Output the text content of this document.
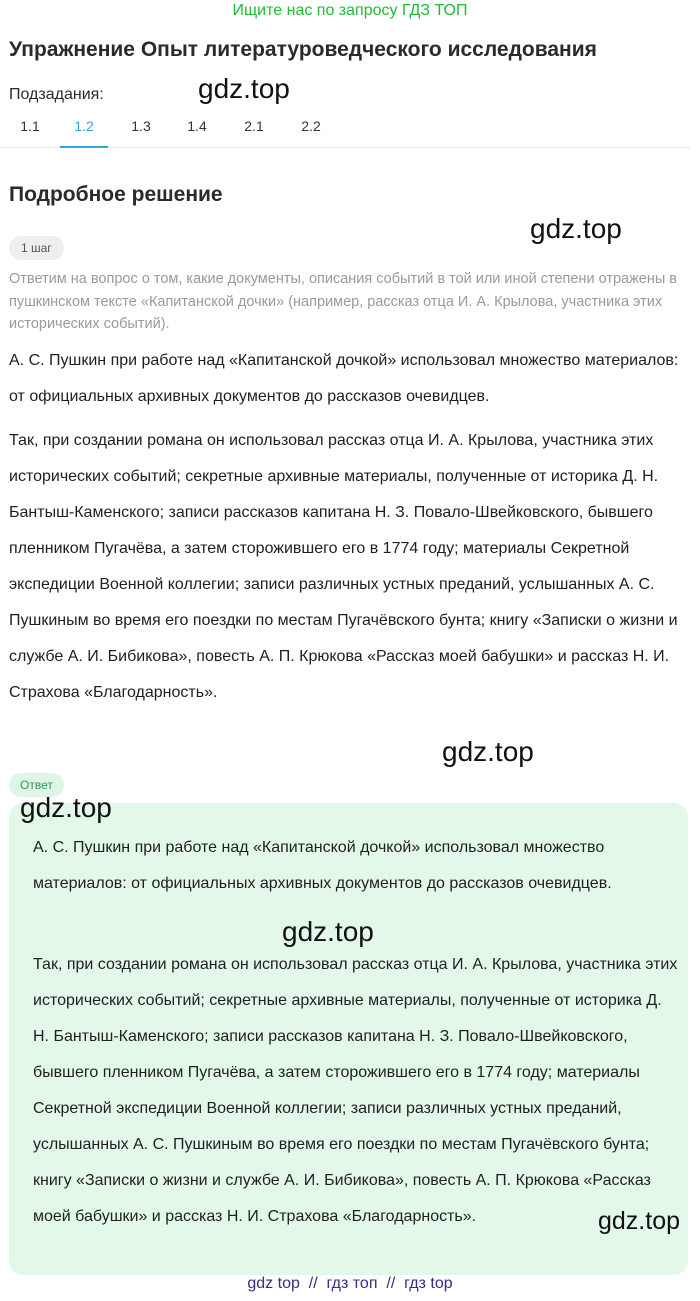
Ищите нас по запросу ГДЗ ТОП
Упражнение Опыт литературоведческого исследования
Подзадания:	gdz.top
1.1	1.2	1.3	1.4	2.1	2.2
Подробное решение
gdz.top
1 шаг

Ответим на вопрос о том, какие документы, описания событий в той или иной степени отражены в пушкинском тексте «Капитанской дочки» (например, рассказ отца И. А. Крылова, участника этих исторических событий).

А. С. Пушкин при работе над «Капитанской дочкой» использовал множество материалов: от официальных архивных документов до рассказов очевидцев.

Так, при создании романа он использовал рассказ отца И. А. Крылова, участника этих исторических событий; секретные архивные материалы, полученные от историка Д. Н. Бантыш-Каменского; записи рассказов капитана Н. З. Повало-Швейковского, бывшего пленником Пугачёва, а затем сторожившего его в 1774 году; материалы Секретной экспедиции Военной коллегии; записи различных устных преданий, услышанных А. С. Пушкиным во время его поездки по местам Пугачёвского бунта; книгу «Записки о жизни и службе А. И. Бибикова», повесть А. П. Крюкова «Рассказ моей бабушки» и рассказ Н. И. Страхова «Благодарность».

gdz.top
Ответ
gdz.top

А. С. Пушкин при работе над «Капитанской дочкой» использовал множество материалов: от официальных архивных документов до рассказов очевидцев.

Так, при создании романа он использовал рассказ отца И. А. Крылова, участника этих исторических событий; секретные архивные материалы, полученные от историка Д. Н. Бантыш-Каменского; записи рассказов капитана Н. З. Повало-Швейковского, бывшего пленником Пугачёва, а затем сторожившего его в 1774 году; материалы Секретной экспедиции Военной коллегии; записи различных устных преданий, услышанных А. С. Пушкиным во время его поездки по местам Пугачёвского бунта; книгу «Записки о жизни и службе А. И. Бибикова», повесть А. П. Крюкова «Рассказ моей бабушки» и рассказ Н. И. Страхова «Благодарность».

gdz.top
gdz.top
gdz top  //  гдз топ  //  гдз top
